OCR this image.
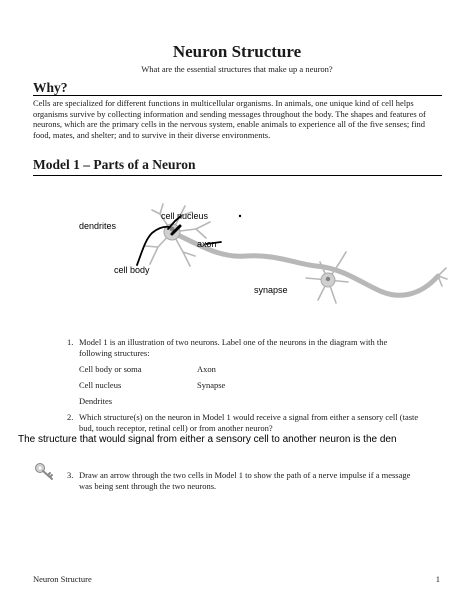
Neuron Structure
What are the essential structures that make up a neuron?
Why?
Cells are specialized for different functions in multicellular organisms. In animals, one unique kind of cell helps organisms survive by collecting information and sending messages throughout the body. The shapes and features of neurons, which are the primary cells in the nervous system, enable animals to experience all of the five senses; find food, mates, and shelter; and to survive in their diverse environments.
Model 1 – Parts of a Neuron
dendrites
cell nucleus
axon
cell body
synapse
1. Model 1 is an illustration of two neurons. Label one of the neurons in the diagram with the following structures:
Cell body or soma	Axon
Cell nucleus	Synapse
Dendrites
2. Which structure(s) on the neuron in Model 1 would receive a signal from either a sensory cell (taste bud, touch receptor, retinal cell) or from another neuron?
The structure that would signal from either a sensory cell to another neuron is the den
3. Draw an arrow through the two cells in Model 1 to show the path of a nerve impulse if a message was being sent through the two neurons.
Neuron Structure	1
